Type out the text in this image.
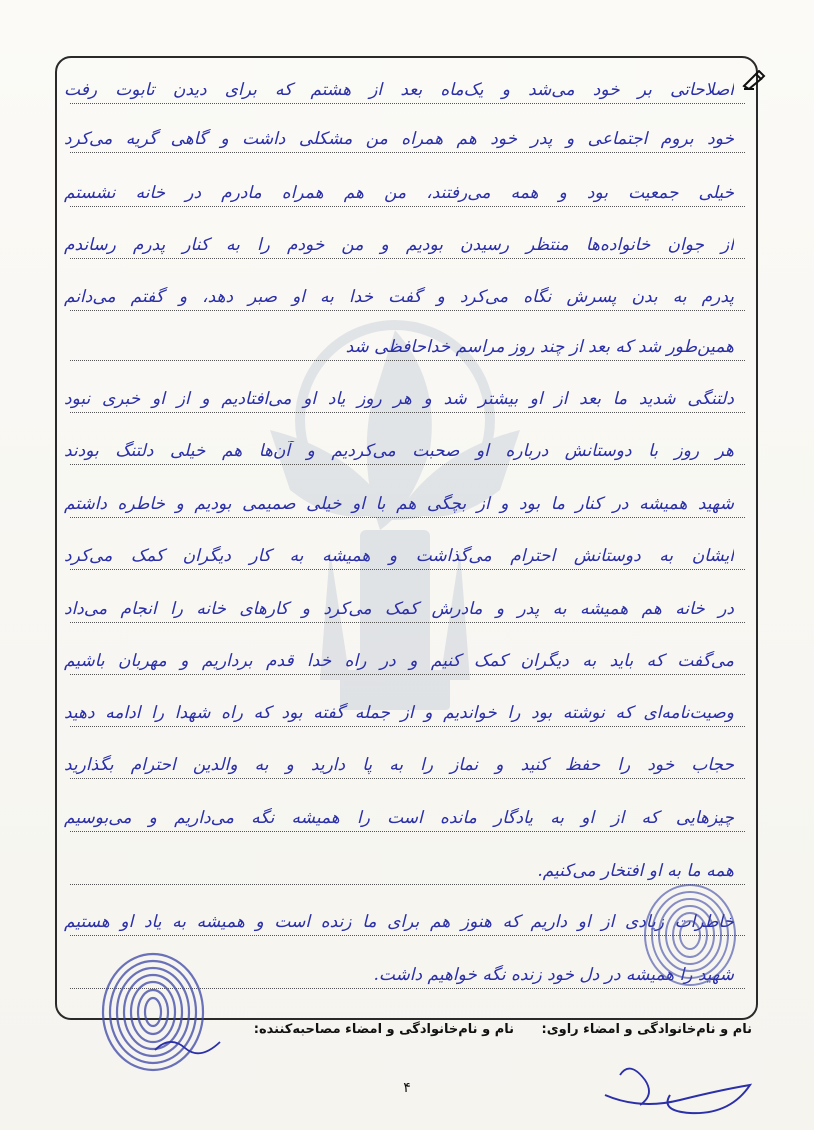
اصلاحاتی بر خود می‌شد و یک‌ماه بعد از هشتم که برای دیدن تابوت رفت
خود بروم اجتماعی و پدر خود هم همراه من مشکلی داشت و گاهی گریه می‌کرد
خیلی جمعیت بود و همه می‌رفتند، من هم همراه مادرم در خانه نشستم
از جوان خانواده‌ها منتظر رسیدن بودیم و من خودم را به کنار پدرم رساندم
پدرم به بدن پسرش نگاه می‌کرد و گفت خدا به او صبر دهد، و گفتم می‌دانم
همین‌طور شد که بعد از چند روز مراسم خداحافظی شد
دلتنگی شدید ما بعد از او بیشتر شد و هر روز یاد او می‌افتادیم و از او خبری نبود
هر روز با دوستانش درباره او صحبت می‌کردیم و آن‌ها هم خیلی دلتنگ بودند
شهید همیشه در کنار ما بود و از بچگی هم با او خیلی صمیمی بودیم و خاطره داشتم
ایشان به دوستانش احترام می‌گذاشت و همیشه به کار دیگران کمک می‌کرد
در خانه هم همیشه به پدر و مادرش کمک می‌کرد و کارهای خانه را انجام می‌داد
می‌گفت که باید به دیگران کمک کنیم و در راه خدا قدم برداریم و مهربان باشیم
وصیت‌نامه‌ای که نوشته بود را خواندیم و از جمله گفته بود که راه شهدا را ادامه دهید
حجاب خود را حفظ کنید و نماز را به پا دارید و به والدین احترام بگذارید
چیزهایی که از او به یادگار مانده است را همیشه نگه می‌داریم و می‌بوسیم
همه ما به او افتخار می‌کنیم.
خاطرات زیادی از او داریم که هنوز هم برای ما زنده است و همیشه به یاد او هستیم
شهید را همیشه در دل خود زنده نگه خواهیم داشت.
نام و نام‌خانوادگی و امضاء راوی:
نام و نام‌خانوادگی و امضاء مصاحبه‌کننده:
۴
